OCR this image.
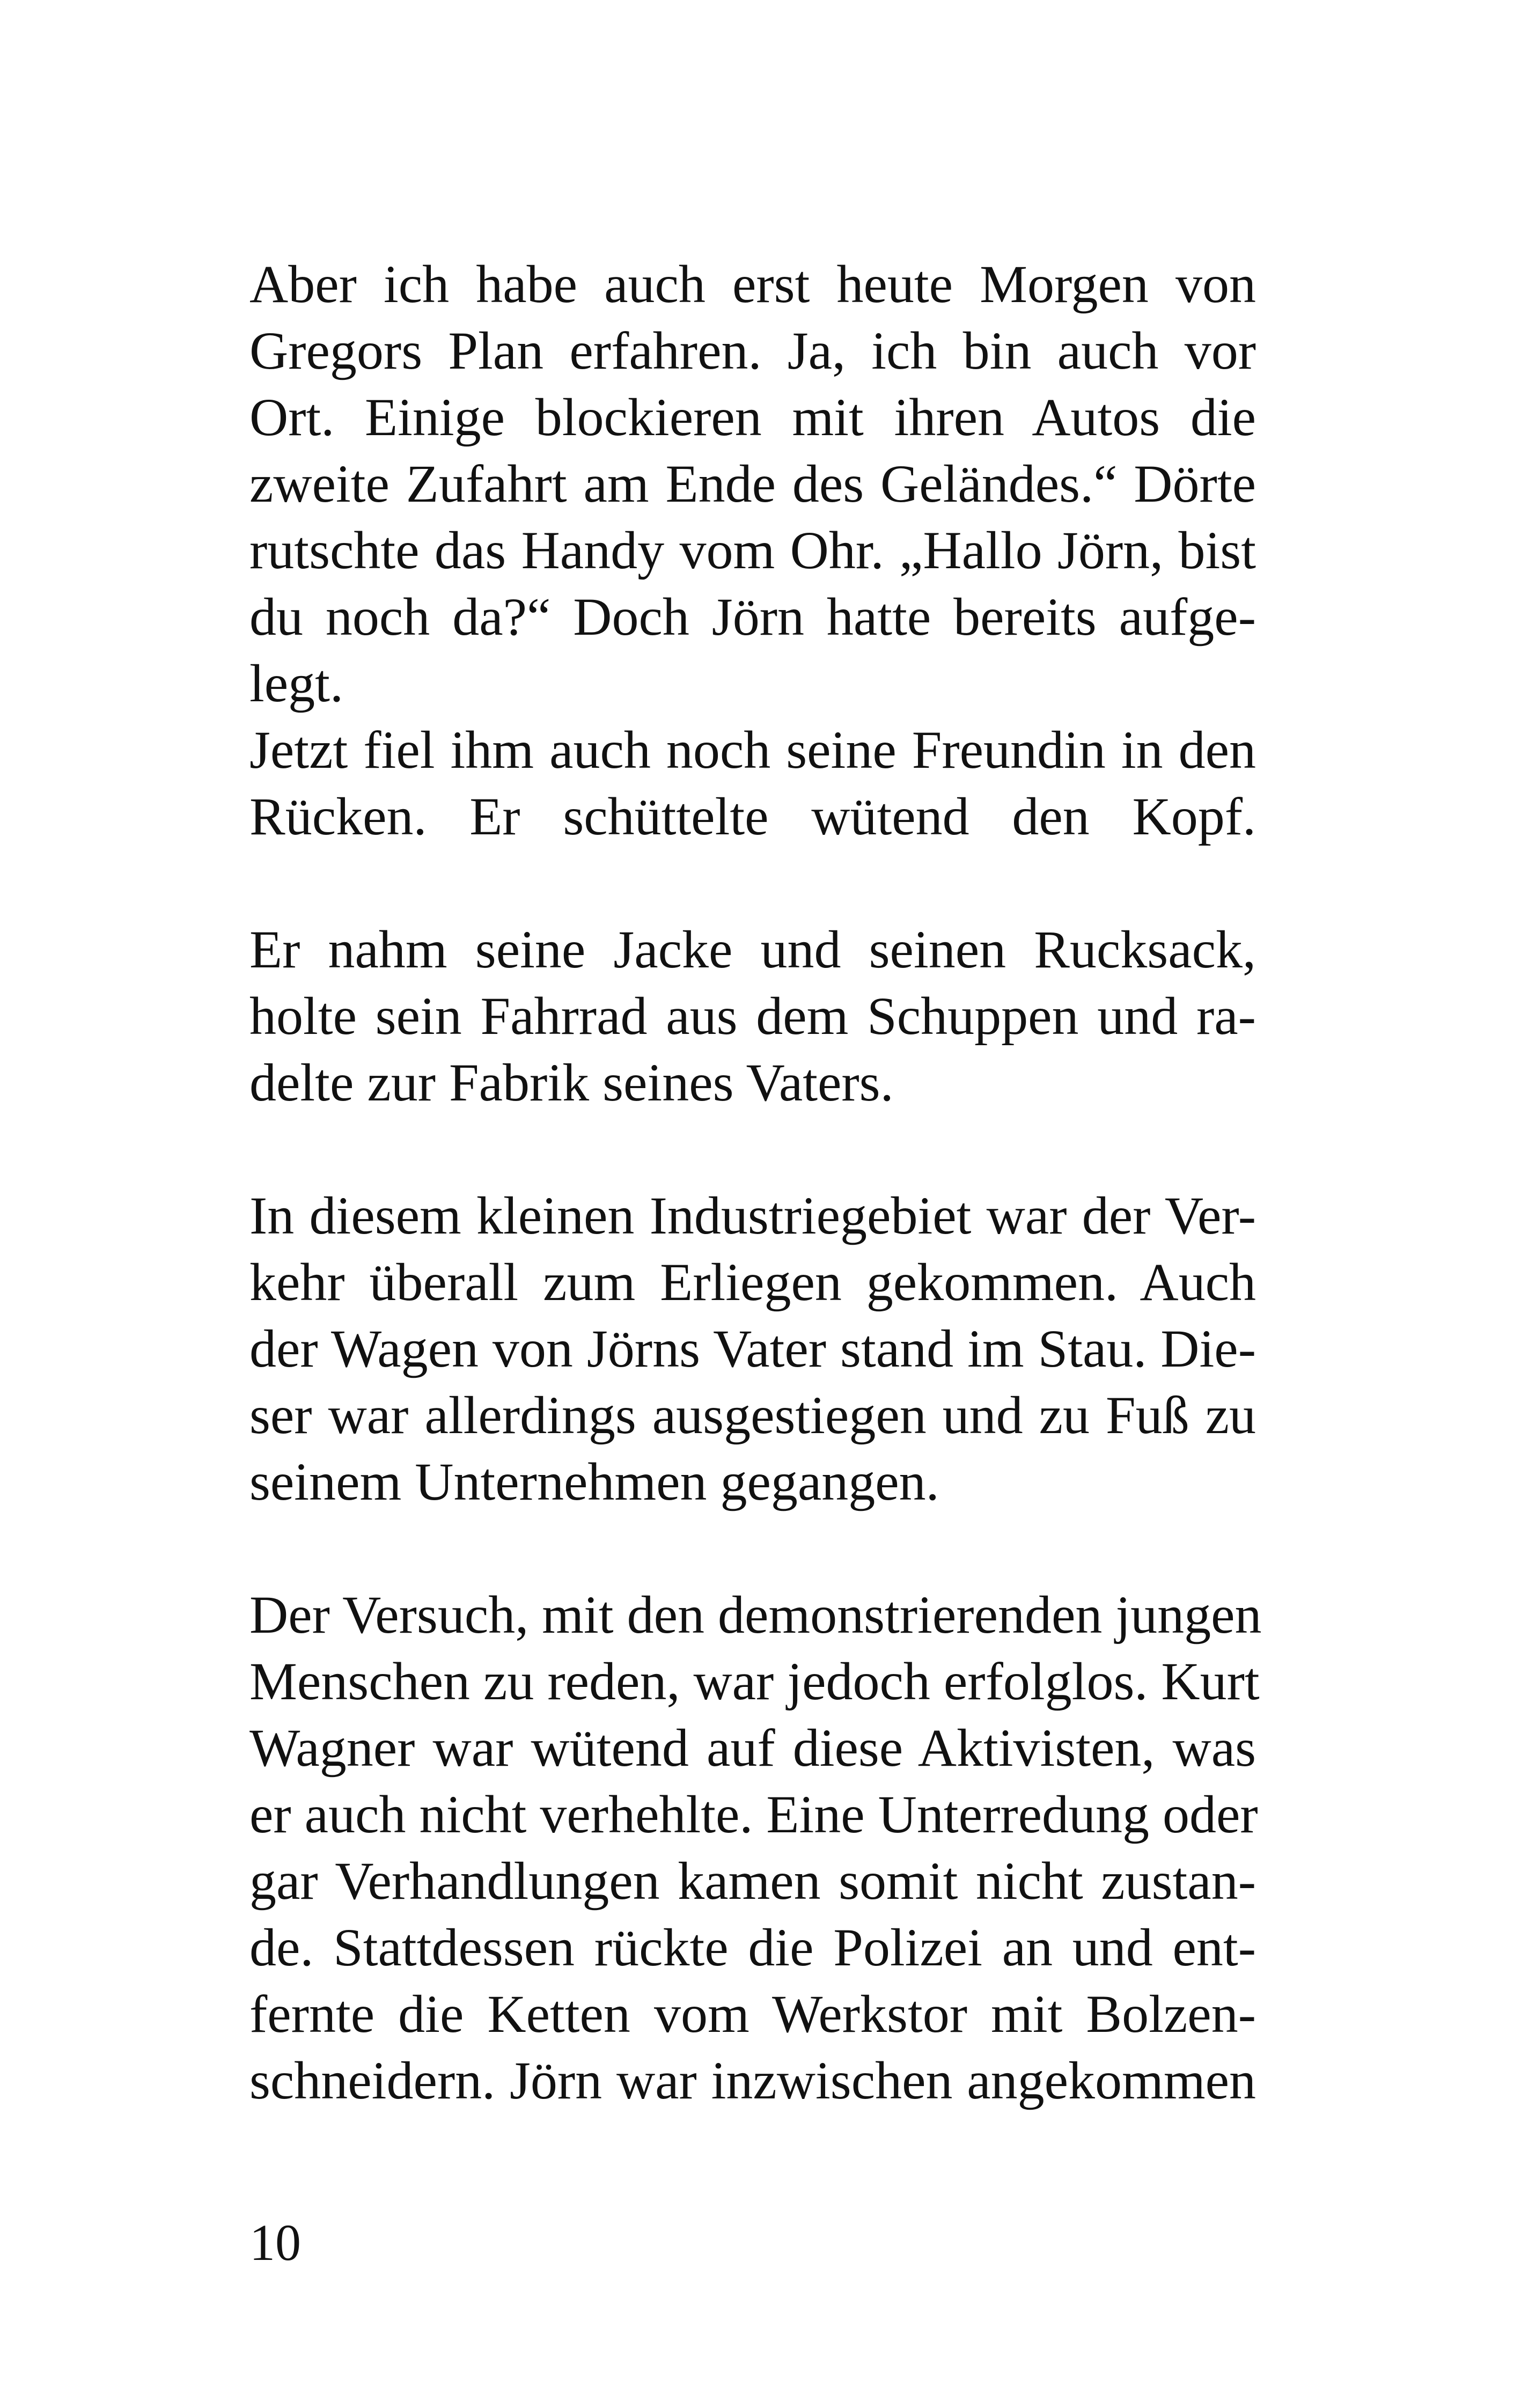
Aber ich habe auch erst heute Morgen von
Gregors Plan erfahren. Ja, ich bin auch vor
Ort. Einige blockieren mit ihren Autos die
zweite Zufahrt am Ende des Geländes.“ Dörte
rutschte das Handy vom Ohr. „Hallo Jörn, bist
du noch da?“ Doch Jörn hatte bereits aufge-
legt.
Jetzt fiel ihm auch noch seine Freundin in den
Rücken. Er schüttelte wütend den Kopf.
Er nahm seine Jacke und seinen Rucksack,
holte sein Fahrrad aus dem Schuppen und ra-
delte zur Fabrik seines Vaters.
In diesem kleinen Industriegebiet war der Ver-
kehr überall zum Erliegen gekommen. Auch
der Wagen von Jörns Vater stand im Stau. Die-
ser war allerdings ausgestiegen und zu Fuß zu
seinem Unternehmen gegangen.
Der Versuch, mit den demonstrierenden jungen
Menschen zu reden, war jedoch erfolglos. Kurt
Wagner war wütend auf diese Aktivisten, was
er auch nicht verhehlte. Eine Unterredung oder
gar Verhandlungen kamen somit nicht zustan-
de. Stattdessen rückte die Polizei an und ent-
fernte die Ketten vom Werkstor mit Bolzen-
schneidern. Jörn war inzwischen angekommen
10
